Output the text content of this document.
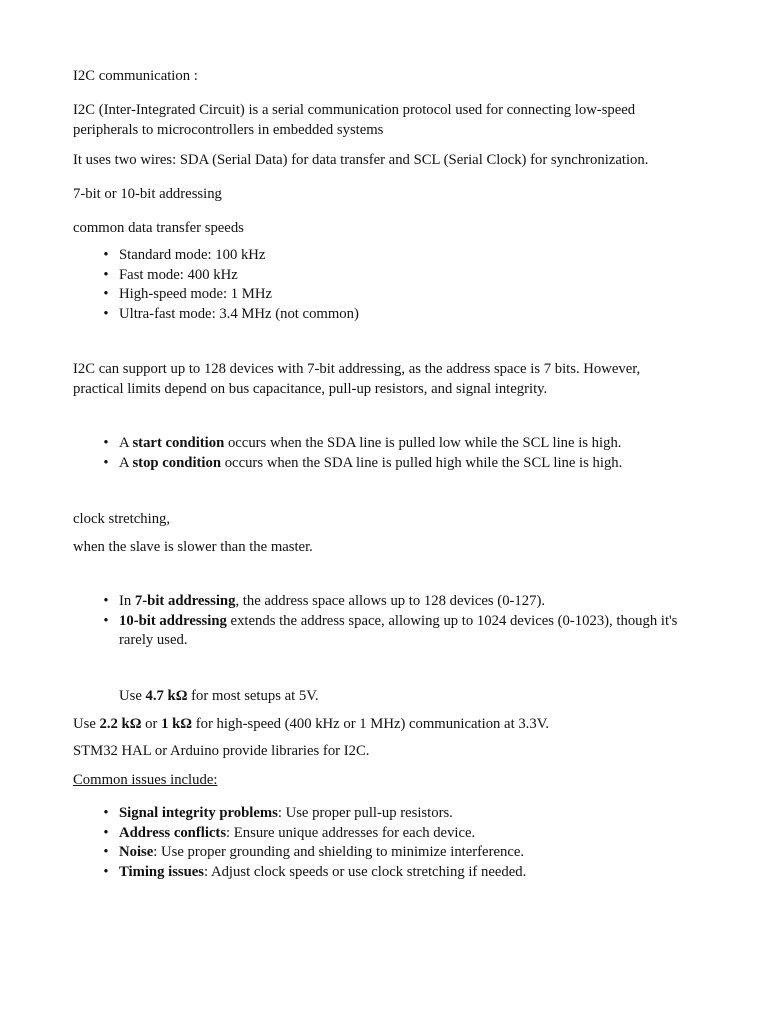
I2C communication :

I2C (Inter-Integrated Circuit) is a serial communication protocol used for connecting low-speed peripherals to microcontrollers in embedded systems

It uses two wires: SDA (Serial Data) for data transfer and SCL (Serial Clock) for synchronization.

7-bit or 10-bit addressing

common data transfer speeds

• Standard mode: 100 kHz
• Fast mode: 400 kHz
• High-speed mode: 1 MHz
• Ultra-fast mode: 3.4 MHz (not common)

I2C can support up to 128 devices with 7-bit addressing, as the address space is 7 bits. However, practical limits depend on bus capacitance, pull-up resistors, and signal integrity.

• A start condition occurs when the SDA line is pulled low while the SCL line is high.
• A stop condition occurs when the SDA line is pulled high while the SCL line is high.

clock stretching,

when the slave is slower than the master.

• In 7-bit addressing, the address space allows up to 128 devices (0-127).
• 10-bit addressing extends the address space, allowing up to 1024 devices (0-1023), though it's rarely used.

Use 4.7 kΩ for most setups at 5V.

Use 2.2 kΩ or 1 kΩ for high-speed (400 kHz or 1 MHz) communication at 3.3V.

STM32 HAL or Arduino provide libraries for I2C.

Common issues include:

• Signal integrity problems: Use proper pull-up resistors.
• Address conflicts: Ensure unique addresses for each device.
• Noise: Use proper grounding and shielding to minimize interference.
• Timing issues: Adjust clock speeds or use clock stretching if needed.
